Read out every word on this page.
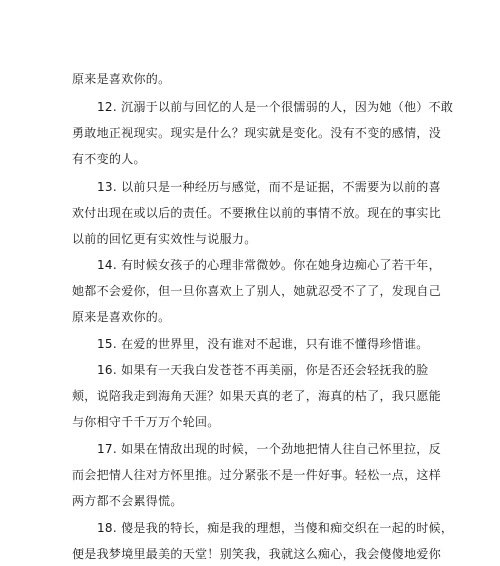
原来是喜欢你的。
12. 沉溺于以前与回忆的人是一个很懦弱的人，因为她（他）不敢
勇敢地正视现实。现实是什么？现实就是变化。没有不变的感情，没
有不变的人。
13. 以前只是一种经历与感觉，而不是证据，不需要为以前的喜
欢付出现在或以后的责任。不要揪住以前的事情不放。现在的事实比
以前的回忆更有实效性与说服力。
14. 有时候女孩子的心理非常微妙。你在她身边痴心了若干年，
她都不会爱你，但一旦你喜欢上了别人，她就忍受不了了，发现自己
原来是喜欢你的。
15. 在爱的世界里，没有谁对不起谁，只有谁不懂得珍惜谁。
16. 如果有一天我白发苍苍不再美丽，你是否还会轻抚我的脸
颊，说陪我走到海角天涯？如果天真的老了，海真的枯了，我只愿能
与你相守千千万万个轮回。
17. 如果在情敌出现的时候，一个劲地把情人往自己怀里拉，反
而会把情人往对方怀里推。过分紧张不是一件好事。轻松一点，这样
两方都不会累得慌。
18. 傻是我的特长，痴是我的理想，当傻和痴交织在一起的时候，
便是我梦境里最美的天堂！别笑我，我就这么痴心，我会傻傻地爱你
